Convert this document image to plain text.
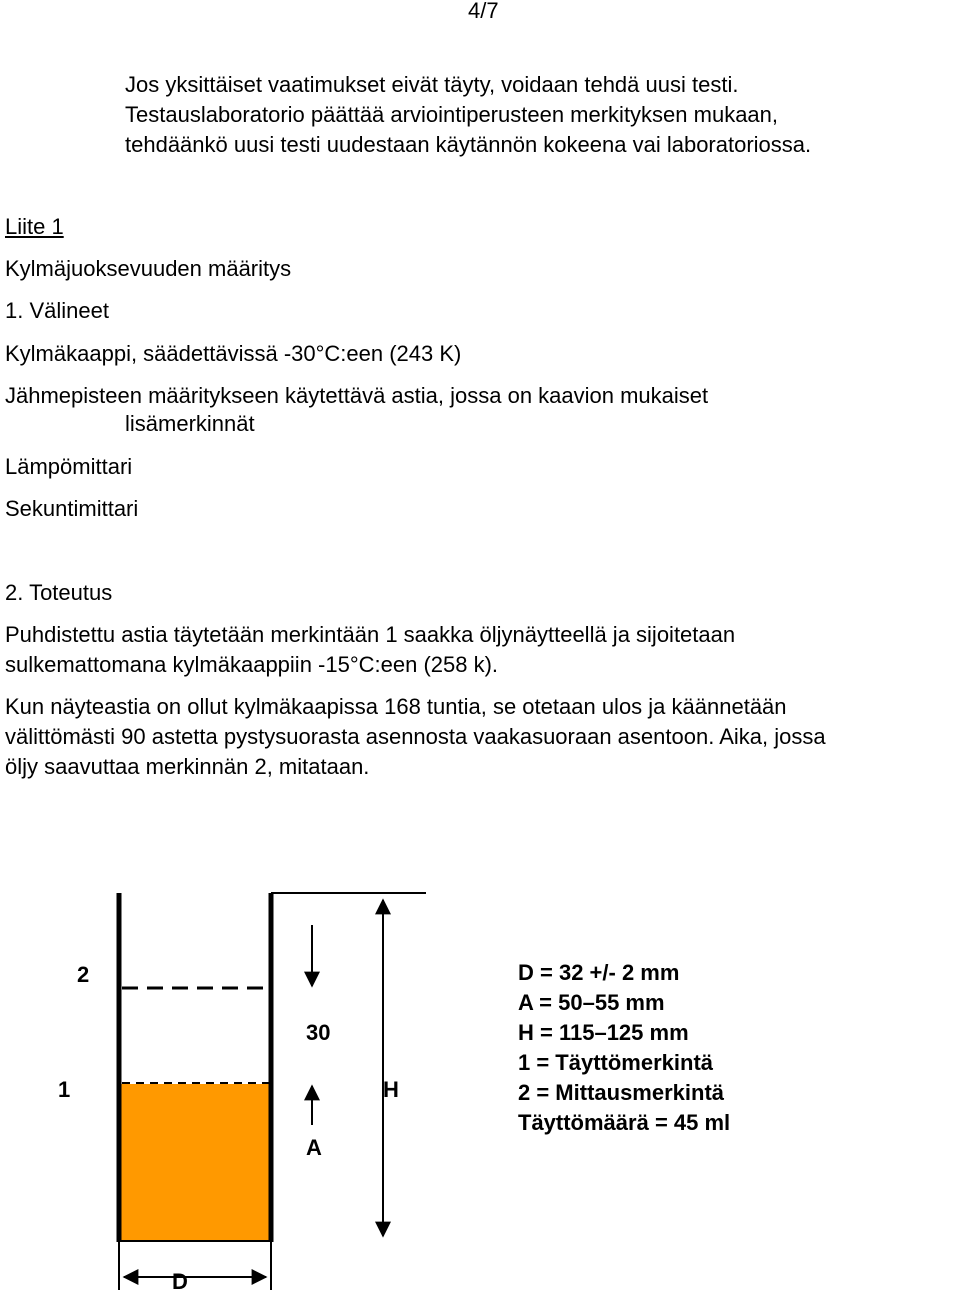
4/7
Jos yksittäiset vaatimukset eivät täyty, voidaan tehdä uusi testi.
Testauslaboratorio päättää arviointiperusteen merkityksen mukaan,
tehdäänkö uusi testi uudestaan käytännön kokeena vai laboratoriossa.
Liite 1
Kylmäjuoksevuuden määritys
1. Välineet
Kylmäkaappi, säädettävissä -30°C:een (243 K)
Jähmepisteen määritykseen käytettävä astia, jossa on kaavion mukaiset
lisämerkinnät
Lämpömittari
Sekuntimittari
2. Toteutus
Puhdistettu astia täytetään merkintään 1 saakka öljynäytteellä ja sijoitetaan
sulkemattomana kylmäkaappiin -15°C:een (258 k).
Kun näyteastia on ollut kylmäkaapissa 168 tuntia, se otetaan ulos ja käännetään
välittömästi 90 astetta pystysuorasta asennosta vaakasuoraan asentoon. Aika, jossa
öljy saavuttaa merkinnän 2, mitataan.
2
1
30
A
H
D
D = 32 +/- 2 mm
A = 50–55 mm
H = 115–125 mm
1 = Täyttömerkintä
2 = Mittausmerkintä
Täyttömäärä = 45 ml
